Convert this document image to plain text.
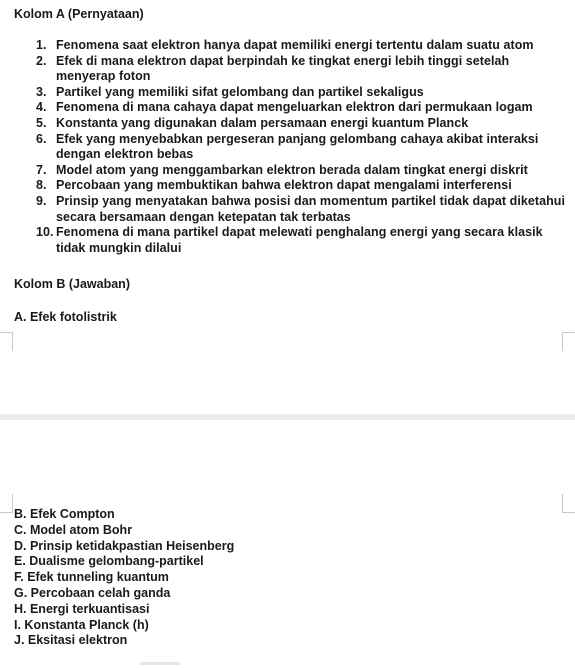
Kolom A (Pernyataan)
1. Fenomena saat elektron hanya dapat memiliki energi tertentu dalam suatu atom
2. Efek di mana elektron dapat berpindah ke tingkat energi lebih tinggi setelah menyerap foton
3. Partikel yang memiliki sifat gelombang dan partikel sekaligus
4. Fenomena di mana cahaya dapat mengeluarkan elektron dari permukaan logam
5. Konstanta yang digunakan dalam persamaan energi kuantum Planck
6. Efek yang menyebabkan pergeseran panjang gelombang cahaya akibat interaksi dengan elektron bebas
7. Model atom yang menggambarkan elektron berada dalam tingkat energi diskrit
8. Percobaan yang membuktikan bahwa elektron dapat mengalami interferensi
9. Prinsip yang menyatakan bahwa posisi dan momentum partikel tidak dapat diketahui secara bersamaan dengan ketepatan tak terbatas
10. Fenomena di mana partikel dapat melewati penghalang energi yang secara klasik tidak mungkin dilalui
Kolom B (Jawaban)
A. Efek fotolistrik
B. Efek Compton
C. Model atom Bohr
D. Prinsip ketidakpastian Heisenberg
E. Dualisme gelombang-partikel
F. Efek tunneling kuantum
G. Percobaan celah ganda
H. Energi terkuantisasi
I. Konstanta Planck (h)
J. Eksitasi elektron
